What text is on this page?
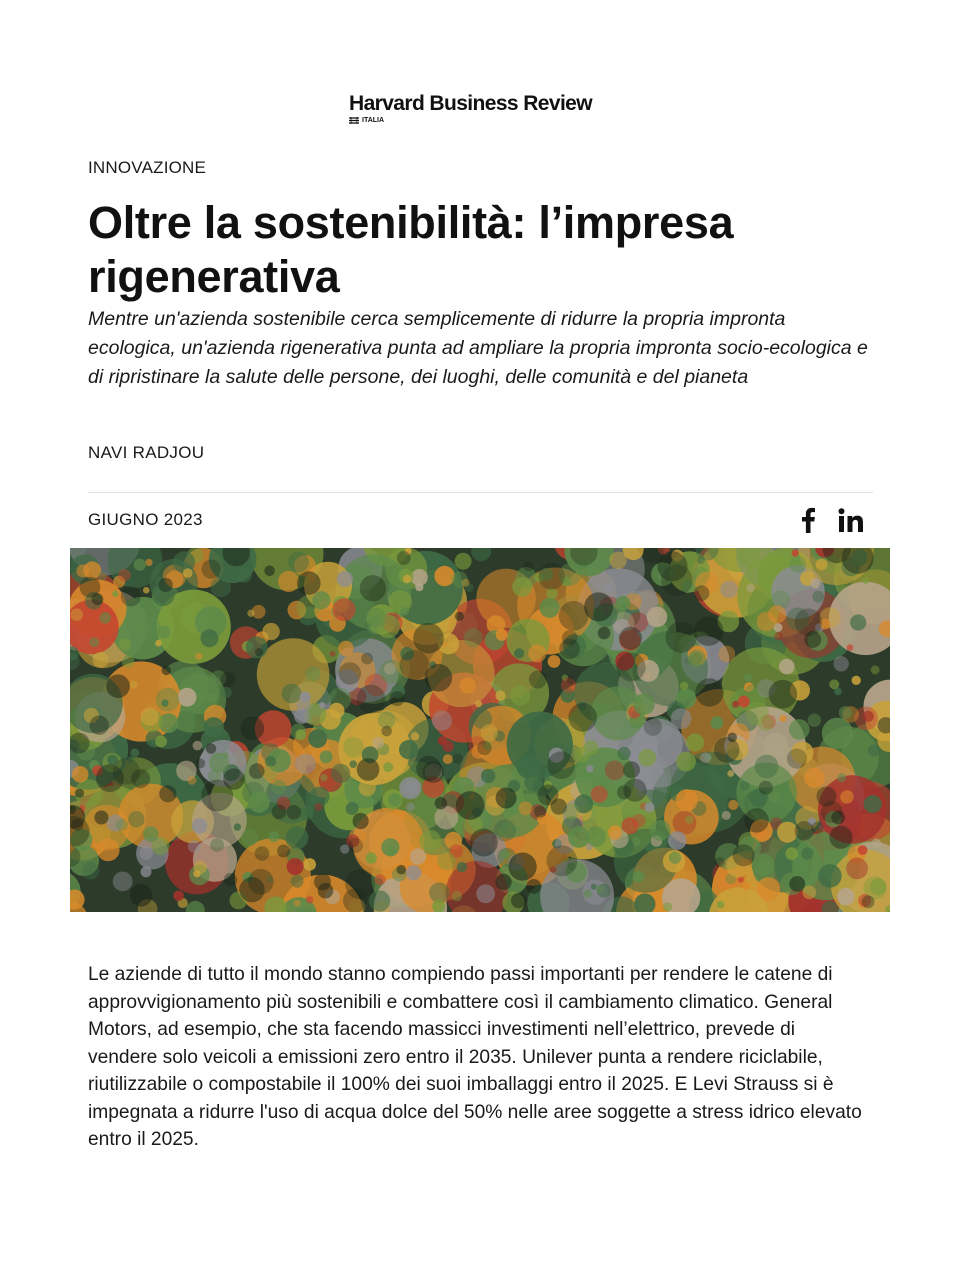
Harvard Business Review
ITALIA
INNOVAZIONE
Oltre la sostenibilità: l’impresa rigenerativa

Mentre un'azienda sostenibile cerca semplicemente di ridurre la propria impronta ecologica, un'azienda rigenerativa punta ad ampliare la propria impronta socio-ecologica e di ripristinare la salute delle persone, dei luoghi, delle comunità e del pianeta

NAVI RADJOU
GIUGNO 2023

Le aziende di tutto il mondo stanno compiendo passi importanti per rendere le catene di approvvigionamento più sostenibili e combattere così il cambiamento climatico. General Motors, ad esempio, che sta facendo massicci investimenti nell’elettrico, prevede di vendere solo veicoli a emissioni zero entro il 2035. Unilever punta a rendere riciclabile, riutilizzabile o compostabile il 100% dei suoi imballaggi entro il 2025. E Levi Strauss si è impegnata a ridurre l'uso di acqua dolce del 50% nelle aree soggette a stress idrico elevato entro il 2025.
